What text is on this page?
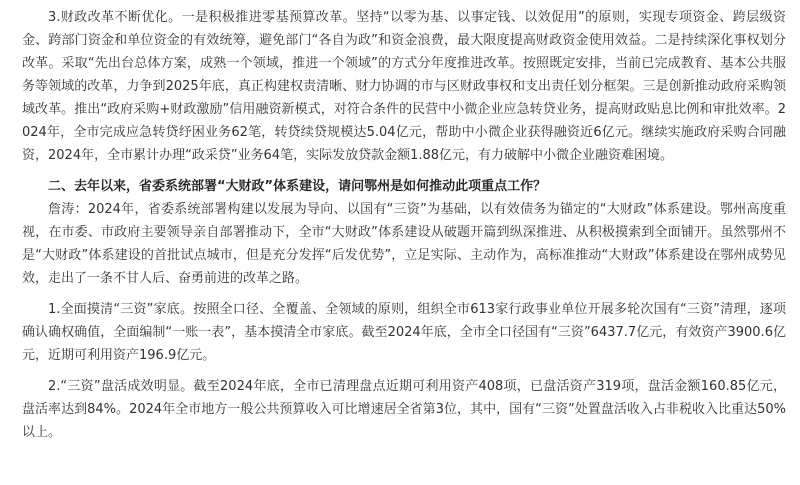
3.财政改革不断优化。一是积极推进零基预算改革。坚持“以零为基、以事定钱、以效促用”的原则，实现专项资金、跨层级资金、跨部门资金和单位资金的有效统筹，避免部门“各自为政”和资金浪费，最大限度提高财政资金使用效益。二是持续深化事权划分改革。采取“先出台总体方案，成熟一个领域，推进一个领域”的方式分年度推进改革。按照既定安排，当前已完成教育、基本公共服务等领域的改革，力争到2025年底，真正构建权责清晰、财力协调的市与区财政事权和支出责任划分框架。三是创新推动政府采购领域改革。推出“政府采购+财政激励”信用融资新模式，对符合条件的民营中小微企业应急转贷业务，提高财政贴息比例和审批效率。2024年，全市完成应急转贷纾困业务62笔，转贷续贷规模达5.04亿元，帮助中小微企业获得融资近6亿元。继续实施政府采购合同融资，2024年，全市累计办理“政采贷”业务64笔，实际发放贷款金额1.88亿元，有力破解中小微企业融资难困境。

二、去年以来，省委系统部署“大财政”体系建设，请问鄂州是如何推动此项重点工作？

詹涛：2024年，省委系统部署构建以发展为导向、以国有“三资”为基础，以有效债务为锚定的“大财政”体系建设。鄂州高度重视，在市委、市政府主要领导亲自部署推动下，全市“大财政”体系建设从破题开篇到纵深推进、从积极摸索到全面铺开。虽然鄂州不是“大财政”体系建设的首批试点城市，但是充分发挥“后发优势”，立足实际、主动作为，高标准推动“大财政”体系建设在鄂州成势见效，走出了一条不甘人后、奋勇前进的改革之路。

1.全面摸清“三资”家底。按照全口径、全覆盖、全领域的原则，组织全市613家行政事业单位开展多轮次国有“三资”清理，逐项确认确权确值，全面编制“一账一表”，基本摸清全市家底。截至2024年底，全市全口径国有“三资”6437.7亿元，有效资产3900.6亿元，近期可利用资产196.9亿元。

2.“三资”盘活成效明显。截至2024年底，全市已清理盘点近期可利用资产408项，已盘活资产319项，盘活金额160.85亿元，盘活率达到84%。2024年全市地方一般公共预算收入可比增速居全省第3位，其中，国有“三资”处置盘活收入占非税收入比重达50%以上。
